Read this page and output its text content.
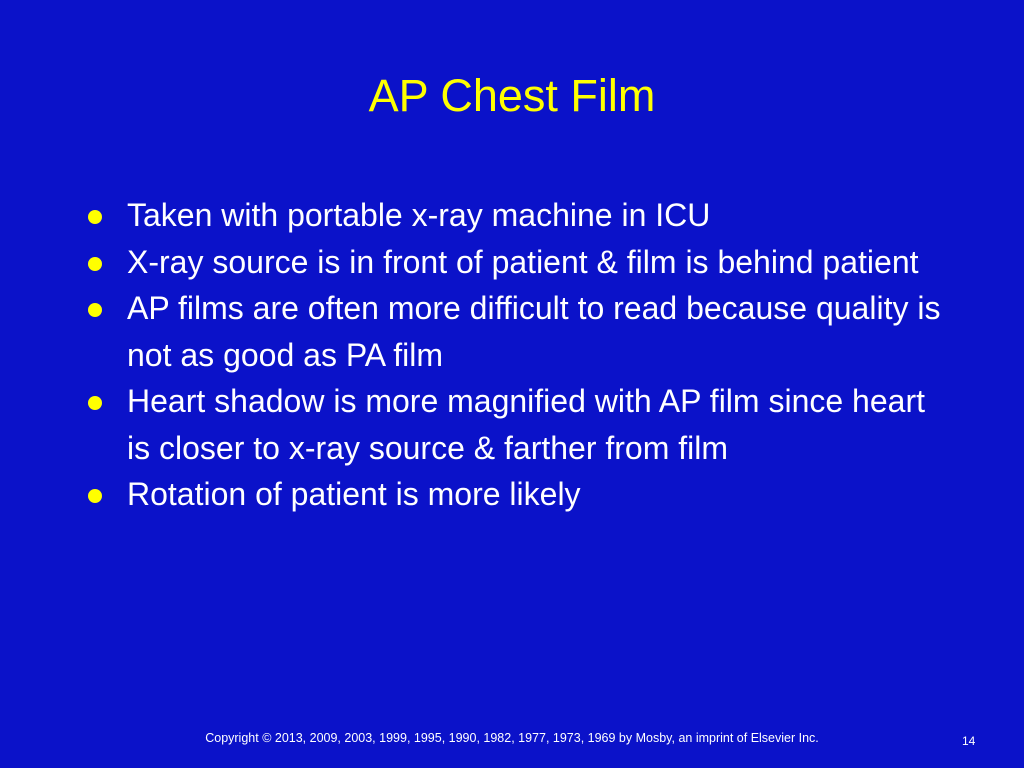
AP Chest Film
Taken with portable x-ray machine in ICU
X-ray source is in front of patient & film is behind patient
AP films are often more difficult to read because quality is not as good as PA film
Heart shadow is more magnified with AP film since heart is closer to x-ray source & farther from film
Rotation of patient is more likely
Copyright © 2013, 2009, 2003, 1999, 1995, 1990, 1982, 1977, 1973, 1969 by Mosby, an imprint of Elsevier Inc.	14
